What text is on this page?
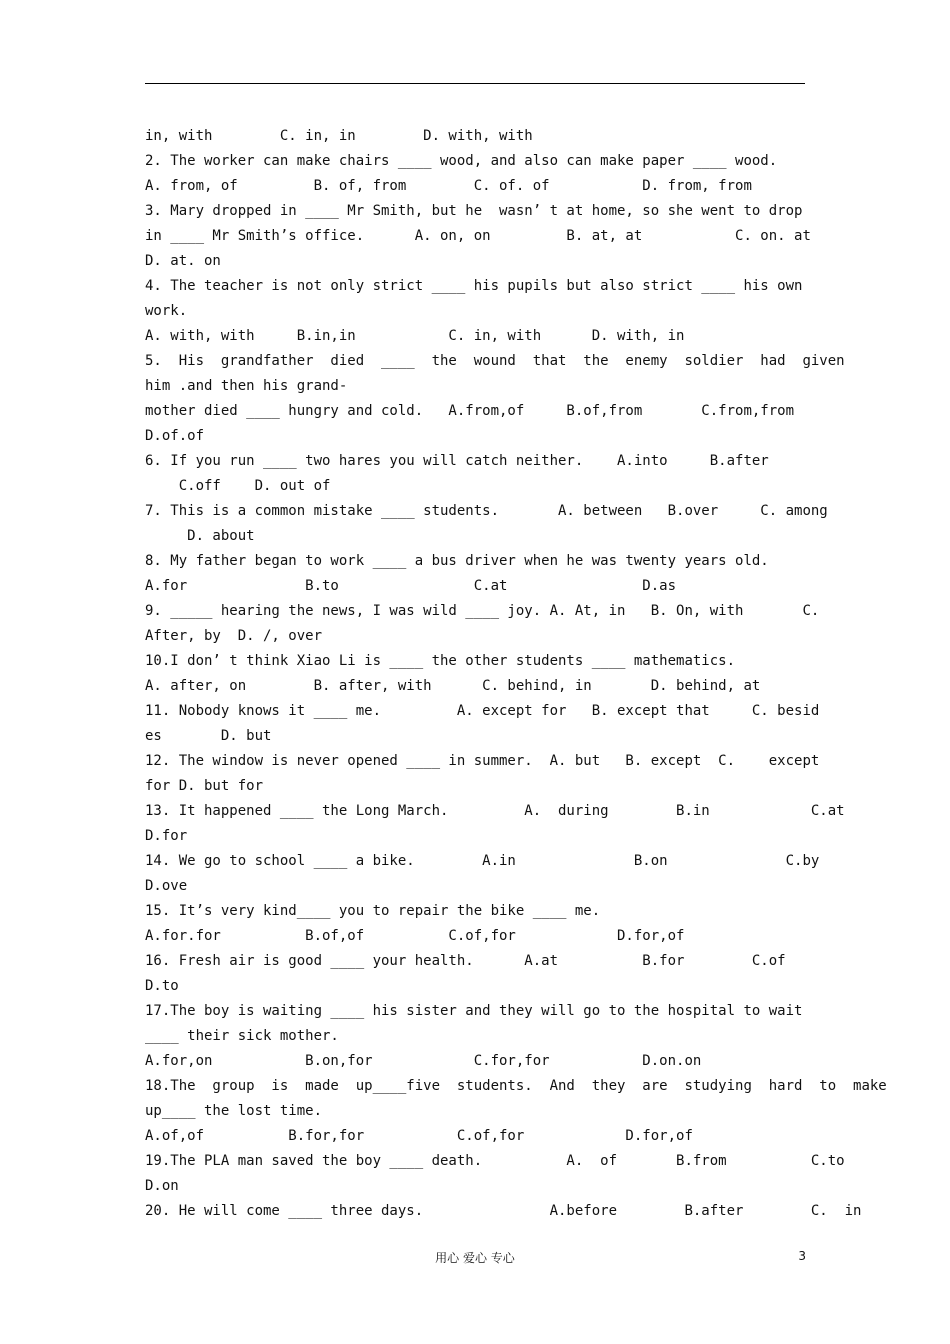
in, with        C. in, in        D. with, with
2. The worker can make chairs ____ wood, and also can make paper ____ wood.
A. from, of         B. of, from        C. of. of           D. from, from
3. Mary dropped in ____ Mr Smith, but he  wasn’ t at home, so she went to drop
in ____ Mr Smith’s office.      A. on, on         B. at, at           C. on. at
D. at. on
4. The teacher is not only strict ____ his pupils but also strict ____ his own
work.
A. with, with     B.in,in           C. in, with      D. with, in
5.  His  grandfather  died  ____  the  wound  that  the  enemy  soldier  had  given
him .and then his grand-
mother died ____ hungry and cold.   A.from,of     B.of,from       C.from,from
D.of.of
6. If you run ____ two hares you will catch neither.    A.into     B.after
C.off    D. out of
7. This is a common mistake ____ students.       A. between   B.over     C. among
D. about
8. My father began to work ____ a bus driver when he was twenty years old.
A.for              B.to                C.at                D.as
9. _____ hearing the news, I was wild ____ joy. A. At, in   B. On, with       C.
After, by  D. /, over
10.I don’ t think Xiao Li is ____ the other students ____ mathematics.
A. after, on        B. after, with      C. behind, in       D. behind, at
11. Nobody knows it ____ me.         A. except for   B. except that     C. besid
es       D. but
12. The window is never opened ____ in summer.  A. but   B. except  C.    except
for D. but for
13. It happened ____ the Long March.         A.  during        B.in            C.at
D.for
14. We go to school ____ a bike.        A.in              B.on              C.by
D.ove
15. It’s very kind____ you to repair the bike ____ me.
A.for.for          B.of,of          C.of,for            D.for,of
16. Fresh air is good ____ your health.      A.at          B.for        C.of
D.to
17.The boy is waiting ____ his sister and they will go to the hospital to wait
____ their sick mother.
A.for,on           B.on,for            C.for,for           D.on.on
18.The  group  is  made  up____five  students.  And  they  are  studying  hard  to  make
up____ the lost time.
A.of,of          B.for,for           C.of,for            D.for,of
19.The PLA man saved the boy ____ death.          A.  of       B.from          C.to
D.on
20. He will come ____ three days.               A.before        B.after        C.  in
用心 爱心 专心	3
